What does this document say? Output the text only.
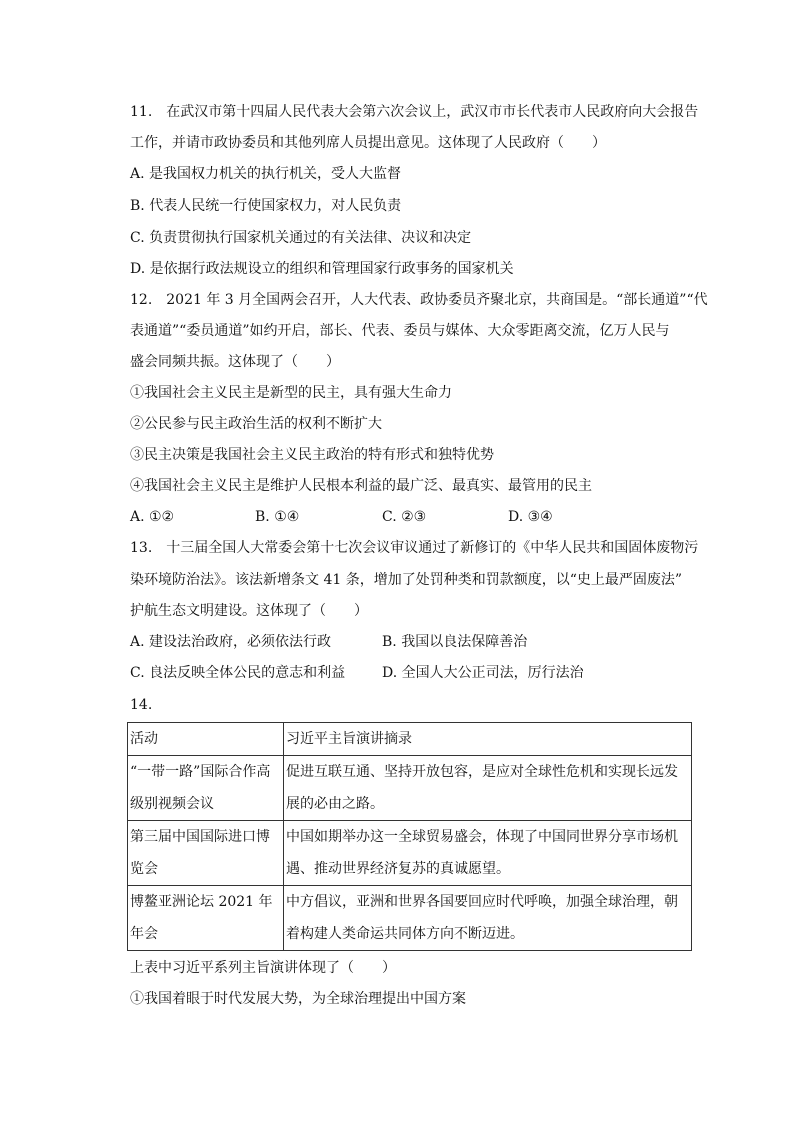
11.　在武汉市第十四届人民代表大会第六次会议上，武汉市市长代表市人民政府向大会报告
工作，并请市政协委员和其他列席人员提出意见。这体现了人民政府（　　）
A. 是我国权力机关的执行机关，受人大监督
B. 代表人民统一行使国家权力，对人民负责
C. 负责贯彻执行国家机关通过的有关法律、决议和决定
D. 是依据行政法规设立的组织和管理国家行政事务的国家机关
12.　2021 年 3 月全国两会召开，人大代表、政协委员齐聚北京，共商国是。“部长通道”“代
表通道”“委员通道”如约开启，部长、代表、委员与媒体、大众零距离交流，亿万人民与
盛会同频共振。这体现了（　　）
①我国社会主义民主是新型的民主，具有强大生命力
②公民参与民主政治生活的权利不断扩大
③民主决策是我国社会主义民主政治的特有形式和独特优势
④我国社会主义民主是维护人民根本利益的最广泛、最真实、最管用的民主
A. ①②	B. ①④	C. ②③	D. ③④
13.　十三届全国人大常委会第十七次会议审议通过了新修订的《中华人民共和国固体废物污
染环境防治法》。该法新增条文 41 条，增加了处罚种类和罚款额度，以“史上最严固废法”
护航生态文明建设。这体现了（　　）
A. 建设法治政府，必须依法行政	B. 我国以良法保障善治
C. 良法反映全体公民的意志和利益	D. 全国人大公正司法，厉行法治
14.
活动	习近平主旨演讲摘录
“一带一路”国际合作高级别视频会议	促进互联互通、坚持开放包容，是应对全球性危机和实现长远发展的必由之路。
第三届中国国际进口博览会	中国如期举办这一全球贸易盛会，体现了中国同世界分享市场机遇、推动世界经济复苏的真诚愿望。
博鳌亚洲论坛 2021 年年会	中方倡议，亚洲和世界各国要回应时代呼唤，加强全球治理，朝着构建人类命运共同体方向不断迈进。
上表中习近平系列主旨演讲体现了（　　）
①我国着眼于时代发展大势，为全球治理提出中国方案
